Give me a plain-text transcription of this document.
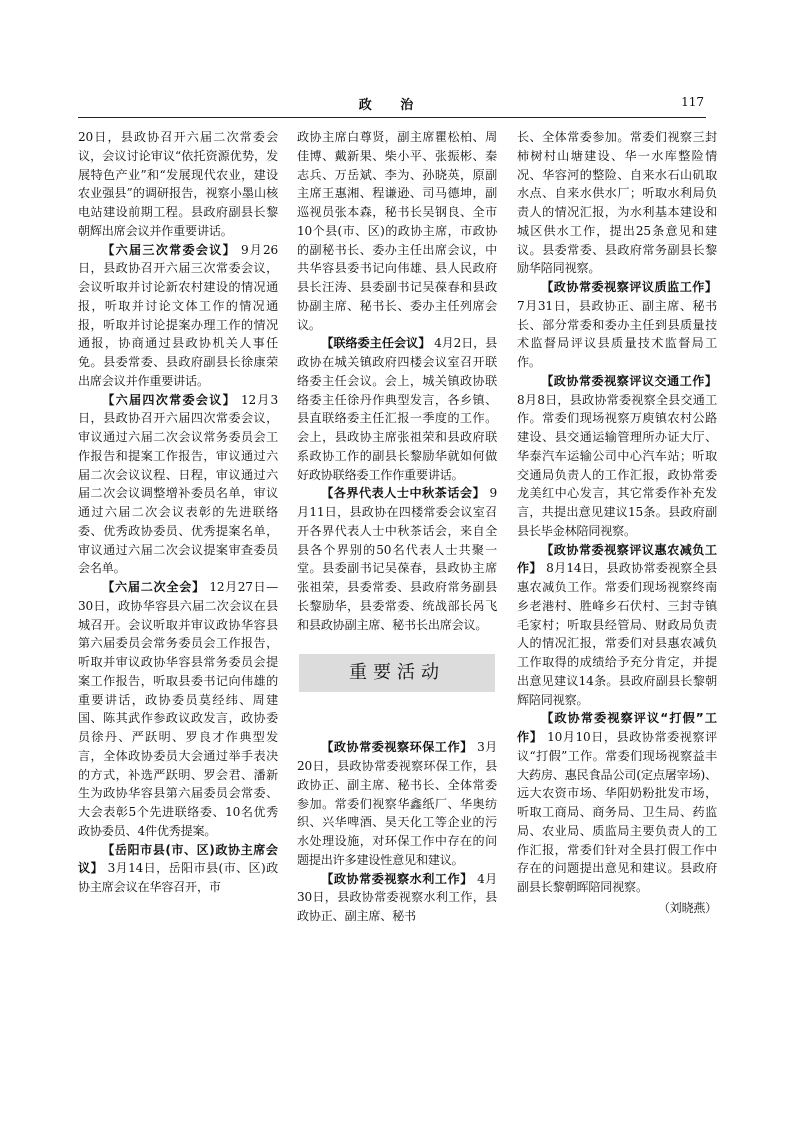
政 治	117

20日，县政协召开六届二次常委会议，会议讨论审议“依托资源优势，发展特色产业”和“发展现代农业，建设农业强县”的调研报告，视察小墨山核电站建设前期工程。县政府副县长黎朝辉出席会议并作重要讲话。

【六届三次常委会议】 9月26日，县政协召开六届三次常委会议，会议听取并讨论新农村建设的情况通报，听取并讨论文体工作的情况通报，听取并讨论提案办理工作的情况通报，协商通过县政协机关人事任免。县委常委、县政府副县长徐康荣出席会议并作重要讲话。

【六届四次常委会议】 12月3日，县政协召开六届四次常委会议，审议通过六届二次会议常务委员会工作报告和提案工作报告，审议通过六届二次会议议程、日程，审议通过六届二次会议调整增补委员名单，审议通过六届二次会议表彰的先进联络委、优秀政协委员、优秀提案名单，审议通过六届二次会议提案审查委员会名单。

【六届二次全会】 12月27日—30日，政协华容县六届二次会议在县城召开。会议听取并审议政协华容县第六届委员会常务委员会工作报告，听取并审议政协华容县常务委员会提案工作报告，听取县委书记向伟雄的重要讲话，政协委员莫经纬、周建国、陈其武作参政议政发言，政协委员徐丹、严跃明、罗良才作典型发言，全体政协委员大会通过举手表决的方式，补选严跃明、罗会君、潘新生为政协华容县第六届委员会常委、大会表彰5个先进联络委、10名优秀政协委员、4件优秀提案。

【岳阳市县(市、区)政协主席会议】 3月14日，岳阳市县(市、区)政协主席会议在华容召开，市

政协主席白尊贤，副主席瞿松柏、周佳博、戴新果、柴小平、张振彬、秦志兵、万岳斌、李为、孙晓英，原副主席王惠湘、程谦逊、司马德坤，副巡视员张本森，秘书长吴钢良、全市10个县(市、区)的政协主席，市政协的副秘书长、委办主任出席会议，中共华容县委书记向伟雄、县人民政府县长汪涛、县委副书记吴葆春和县政协副主席、秘书长、委办主任列席会议。

【联络委主任会议】 4月2日，县政协在城关镇政府四楼会议室召开联络委主任会议。会上，城关镇政协联络委主任徐丹作典型发言，各乡镇、县直联络委主任汇报一季度的工作。会上，县政协主席张祖荣和县政府联系政协工作的副县长黎励华就如何做好政协联络委工作作重要讲话。

【各界代表人士中秋茶话会】 9月11日，县政协在四楼常委会议室召开各界代表人士中秋茶话会，来自全县各个界别的50名代表人士共聚一堂。县委副书记吴葆春，县政协主席张祖荣，县委常委、县政府常务副县长黎励华，县委常委、统战部长呙飞和县政协副主席、秘书长出席会议。

重要活动

【政协常委视察环保工作】 3月20日，县政协常委视察环保工作，县政协正、副主席、秘书长、全体常委参加。常委们视察华鑫纸厂、华奥纺织、兴华啤酒、昊天化工等企业的污水处理设施，对环保工作中存在的问题提出许多建设性意见和建议。

【政协常委视察水利工作】 4月30日，县政协常委视察水利工作，县政协正、副主席、秘书

长、全体常委参加。常委们视察三封柿树村山塘建设、华一水库整险情况、华容河的整险、自来水石山矶取水点、自来水供水厂；听取水利局负责人的情况汇报，为水利基本建设和城区供水工作，提出25条意见和建议。县委常委、县政府常务副县长黎励华陪同视察。

【政协常委视察评议质监工作】 7月31日，县政协正、副主席、秘书长、部分常委和委办主任到县质量技术监督局评议县质量技术监督局工作。

【政协常委视察评议交通工作】 8月8日，县政协常委视察全县交通工作。常委们现场视察万庾镇农村公路建设、县交通运输管理所办证大厅、华泰汽车运输公司中心汽车站；听取交通局负责人的工作汇报，政协常委龙美红中心发言，其它常委作补充发言，共提出意见建议15条。县政府副县长毕金林陪同视察。

【政协常委视察评议惠农减负工作】 8月14日，县政协常委视察全县惠农减负工作。常委们现场视察终南乡老港村、胜峰乡石伏村、三封寺镇毛家村；听取县经管局、财政局负责人的情况汇报，常委们对县惠农减负工作取得的成绩给予充分肯定，并提出意见建议14条。县政府副县长黎朝辉陪同视察。

【政协常委视察评议“打假”工作】 10月10日，县政协常委视察评议“打假”工作。常委们现场视察益丰大药房、惠民食品公司(定点屠宰场)、远大农资市场、华阳奶粉批发市场，听取工商局、商务局、卫生局、药监局、农业局、质监局主要负责人的工作汇报，常委们针对全县打假工作中存在的问题提出意见和建议。县政府副县长黎朝晖陪同视察。

（刘晓燕）
